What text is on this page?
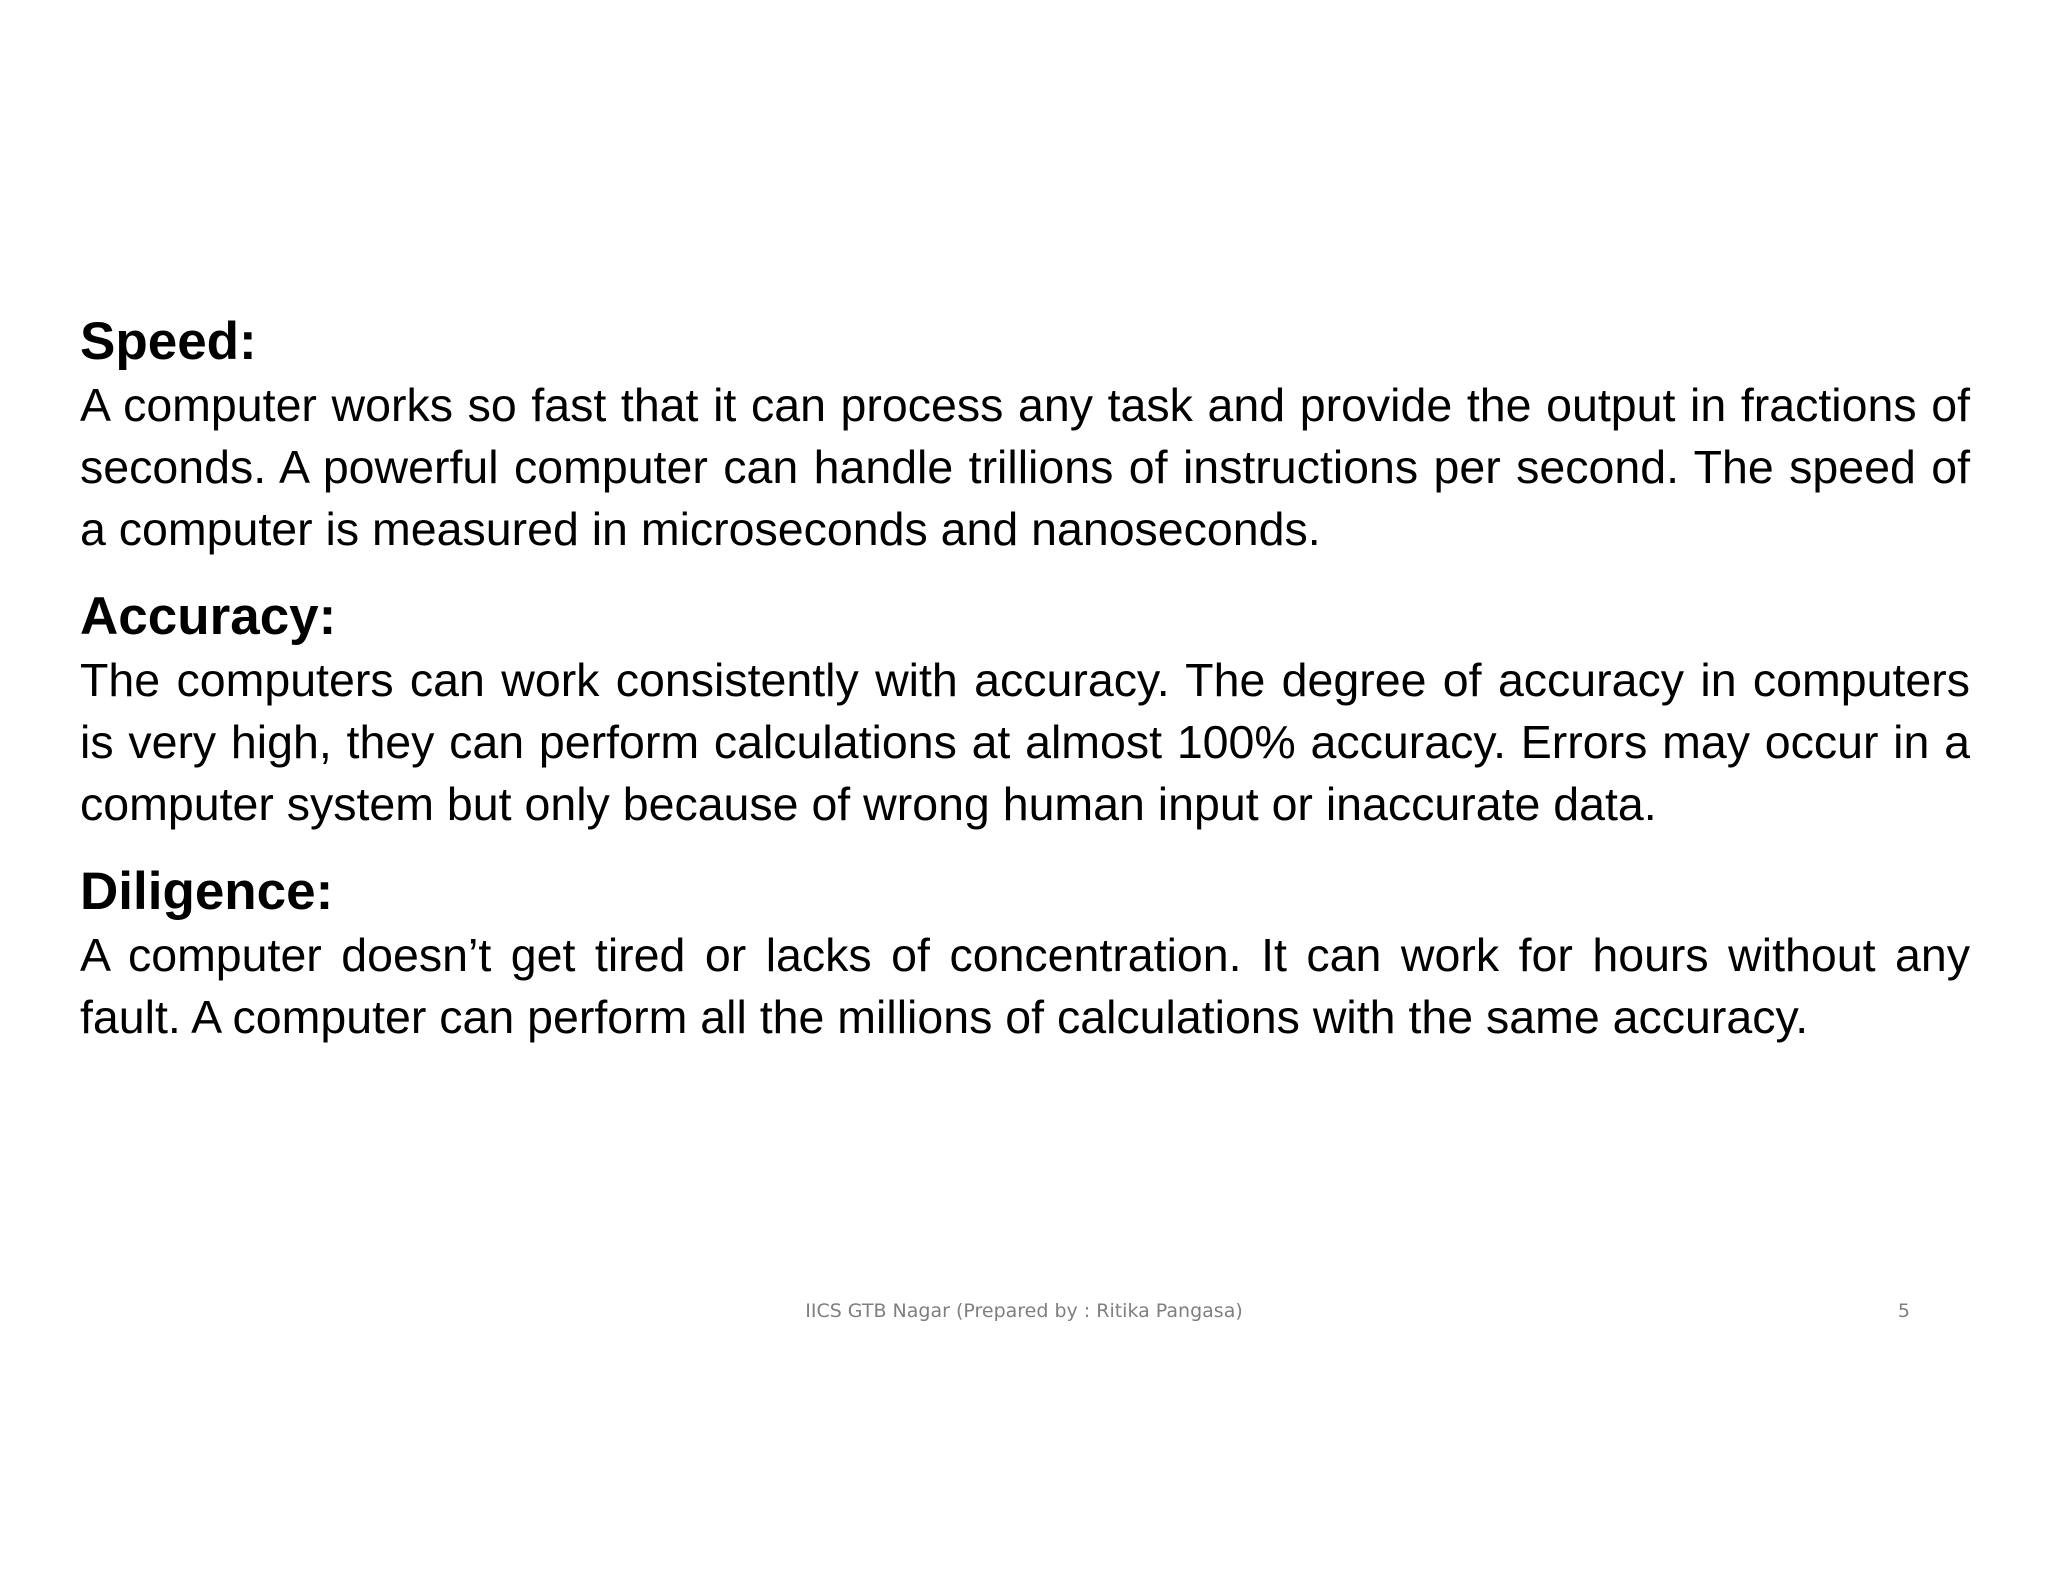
Speed:

A computer works so fast that it can process any task and provide the output in fractions of seconds. A powerful computer can handle trillions of instructions per second. The speed of a computer is measured in microseconds and nanoseconds.

Accuracy:

The computers can work consistently with accuracy. The degree of accuracy in computers is very high, they can perform calculations at almost 100% accuracy. Errors may occur in a computer system but only because of wrong human input or inaccurate data.

Diligence:

A computer doesn’t get tired or lacks of concentration. It can work for hours without any fault. A computer can perform all the millions of calculations with the same accuracy.

IICS GTB Nagar (Prepared by : Ritika Pangasa)	5
